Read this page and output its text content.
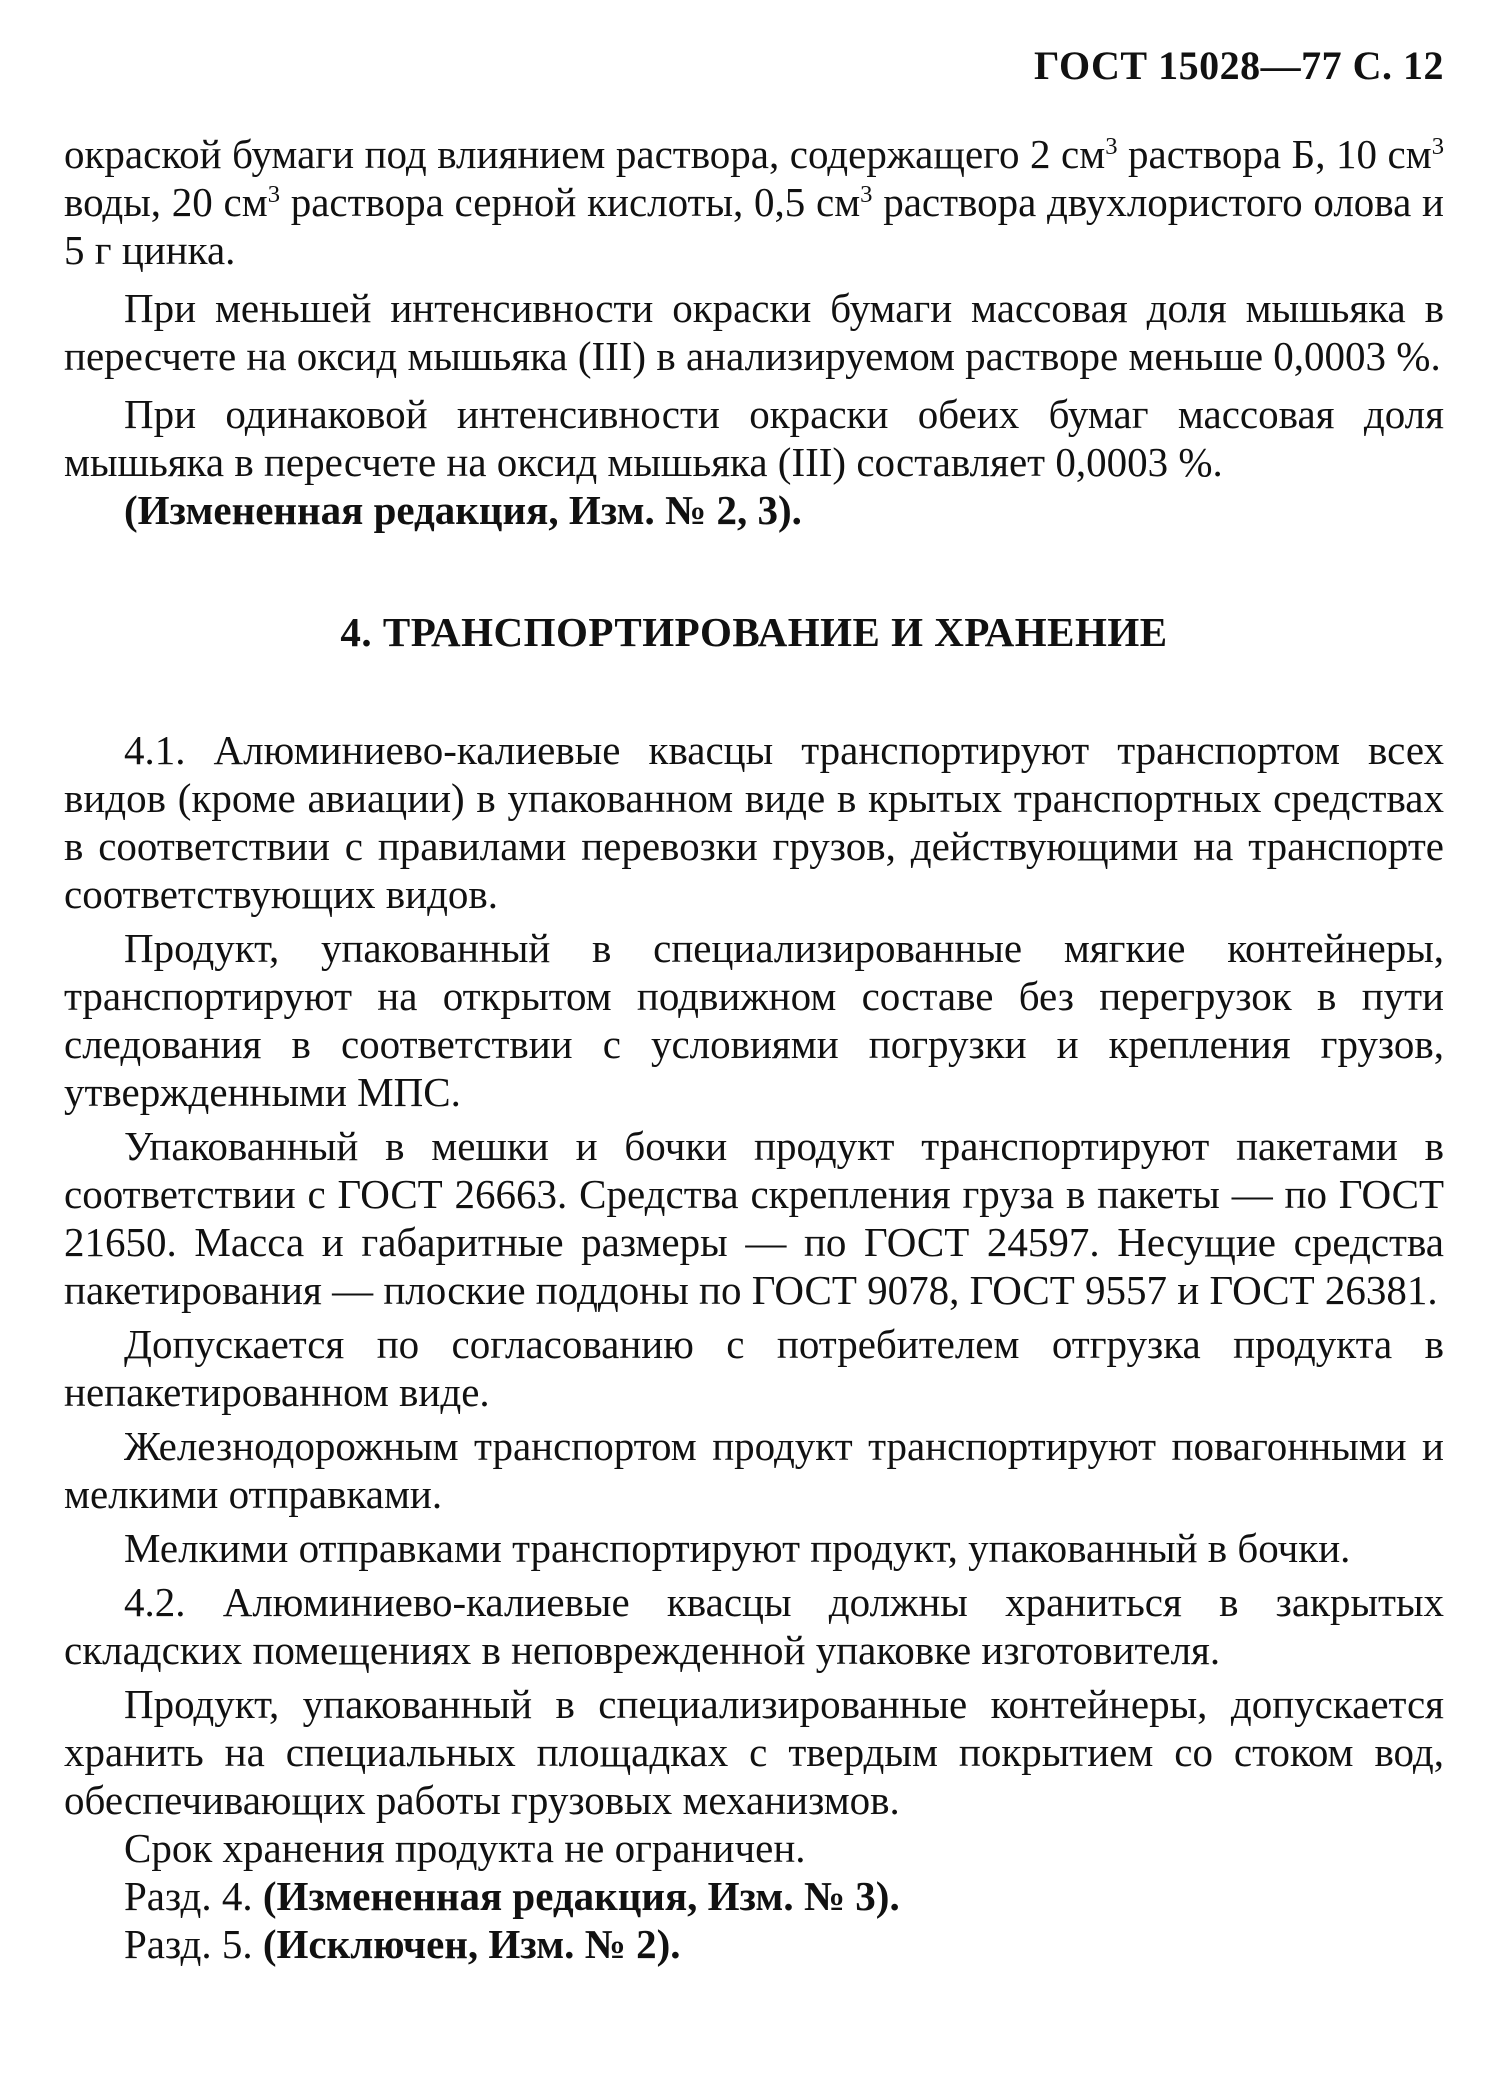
ГОСТ 15028—77 С. 12

окраской бумаги под влиянием раствора, содержащего 2 $см^3$ раствора Б, 10 $см^3$ воды, 20 $см^3$ раствора серной кислоты, 0,5 $см^3$ раствора двухлористого олова и 5 г цинка.

При меньшей интенсивности окраски бумаги массовая доля мышьяка в пересчете на оксид мышьяка (III) в анализируемом растворе меньше 0,0003 %.

При одинаковой интенсивности окраски обеих бумаг массовая доля мышьяка в пересчете на оксид мышьяка (III) составляет 0,0003 %.

(Измененная редакция, Изм. № 2, 3).

4. ТРАНСПОРТИРОВАНИЕ И ХРАНЕНИЕ

4.1. Алюминиево-калиевые квасцы транспортируют транспортом всех видов (кроме авиации) в упакованном виде в крытых транспортных средствах в соответствии с правилами перевозки грузов, действующими на транспорте соответствующих видов.

Продукт, упакованный в специализированные мягкие контейнеры, транспортируют на открытом подвижном составе без перегрузок в пути следования в соответствии с условиями погрузки и крепления грузов, утвержденными МПС.

Упакованный в мешки и бочки продукт транспортируют пакетами в соответствии с ГОСТ 26663. Средства скрепления груза в пакеты — по ГОСТ 21650. Масса и габаритные размеры — по ГОСТ 24597. Несущие средства пакетирования — плоские поддоны по ГОСТ 9078, ГОСТ 9557 и ГОСТ 26381.

Допускается по согласованию с потребителем отгрузка продукта в непакетированном виде.

Железнодорожным транспортом продукт транспортируют повагонными и мелкими отправками.

Мелкими отправками транспортируют продукт, упакованный в бочки.

4.2. Алюминиево-калиевые квасцы должны храниться в закрытых складских помещениях в неповрежденной упаковке изготовителя.

Продукт, упакованный в специализированные контейнеры, допускается хранить на специальных площадках с твердым покрытием со стоком вод, обеспечивающих работы грузовых механизмов.

Срок хранения продукта не ограничен.

Разд. 4. (Измененная редакция, Изм. № 3).

Разд. 5. (Исключен, Изм. № 2).
